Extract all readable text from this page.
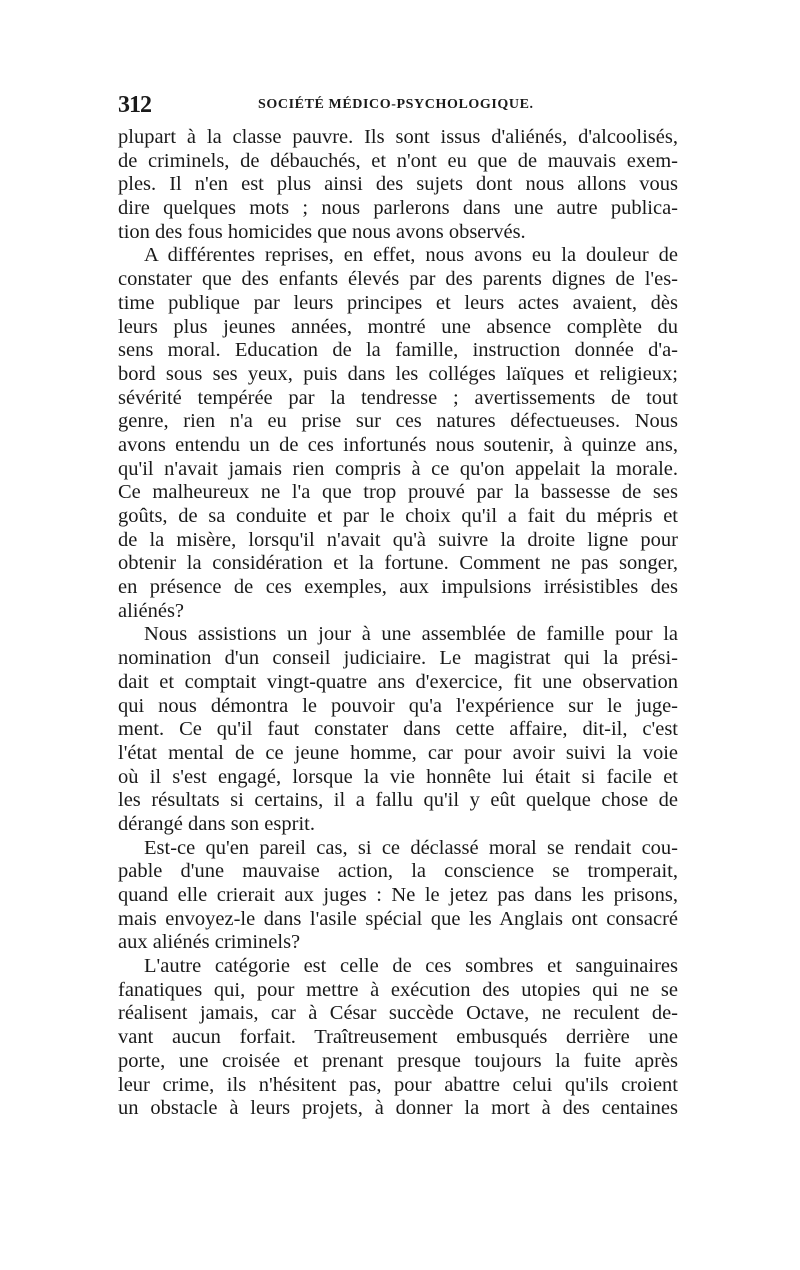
312	SOCIÉTÉ MÉDICO-PSYCHOLOGIQUE.
plupart à la classe pauvre. Ils sont issus d'aliénés, d'alcoolisés,
de criminels, de débauchés, et n'ont eu que de mauvais exem-
ples. Il n'en est plus ainsi des sujets dont nous allons vous
dire quelques mots ; nous parlerons dans une autre publica-
tion des fous homicides que nous avons observés.
A différentes reprises, en effet, nous avons eu la douleur de
constater que des enfants élevés par des parents dignes de l'es-
time publique par leurs principes et leurs actes avaient, dès
leurs plus jeunes années, montré une absence complète du
sens moral. Education de la famille, instruction donnée d'a-
bord sous ses yeux, puis dans les colléges laïques et religieux;
sévérité tempérée par la tendresse ; avertissements de tout
genre, rien n'a eu prise sur ces natures défectueuses. Nous
avons entendu un de ces infortunés nous soutenir, à quinze ans,
qu'il n'avait jamais rien compris à ce qu'on appelait la morale.
Ce malheureux ne l'a que trop prouvé par la bassesse de ses
goûts, de sa conduite et par le choix qu'il a fait du mépris et
de la misère, lorsqu'il n'avait qu'à suivre la droite ligne pour
obtenir la considération et la fortune. Comment ne pas songer,
en présence de ces exemples, aux impulsions irrésistibles des
aliénés?
Nous assistions un jour à une assemblée de famille pour la
nomination d'un conseil judiciaire. Le magistrat qui la prési-
dait et comptait vingt-quatre ans d'exercice, fit une observation
qui nous démontra le pouvoir qu'a l'expérience sur le juge-
ment. Ce qu'il faut constater dans cette affaire, dit-il, c'est
l'état mental de ce jeune homme, car pour avoir suivi la voie
où il s'est engagé, lorsque la vie honnête lui était si facile et
les résultats si certains, il a fallu qu'il y eût quelque chose de
dérangé dans son esprit.
Est-ce qu'en pareil cas, si ce déclassé moral se rendait cou-
pable d'une mauvaise action, la conscience se tromperait,
quand elle crierait aux juges : Ne le jetez pas dans les prisons,
mais envoyez-le dans l'asile spécial que les Anglais ont consacré
aux aliénés criminels?
L'autre catégorie est celle de ces sombres et sanguinaires
fanatiques qui, pour mettre à exécution des utopies qui ne se
réalisent jamais, car à César succède Octave, ne reculent de-
vant aucun forfait. Traîtreusement embusqués derrière une
porte, une croisée et prenant presque toujours la fuite après
leur crime, ils n'hésitent pas, pour abattre celui qu'ils croient
un obstacle à leurs projets, à donner la mort à des centaines
